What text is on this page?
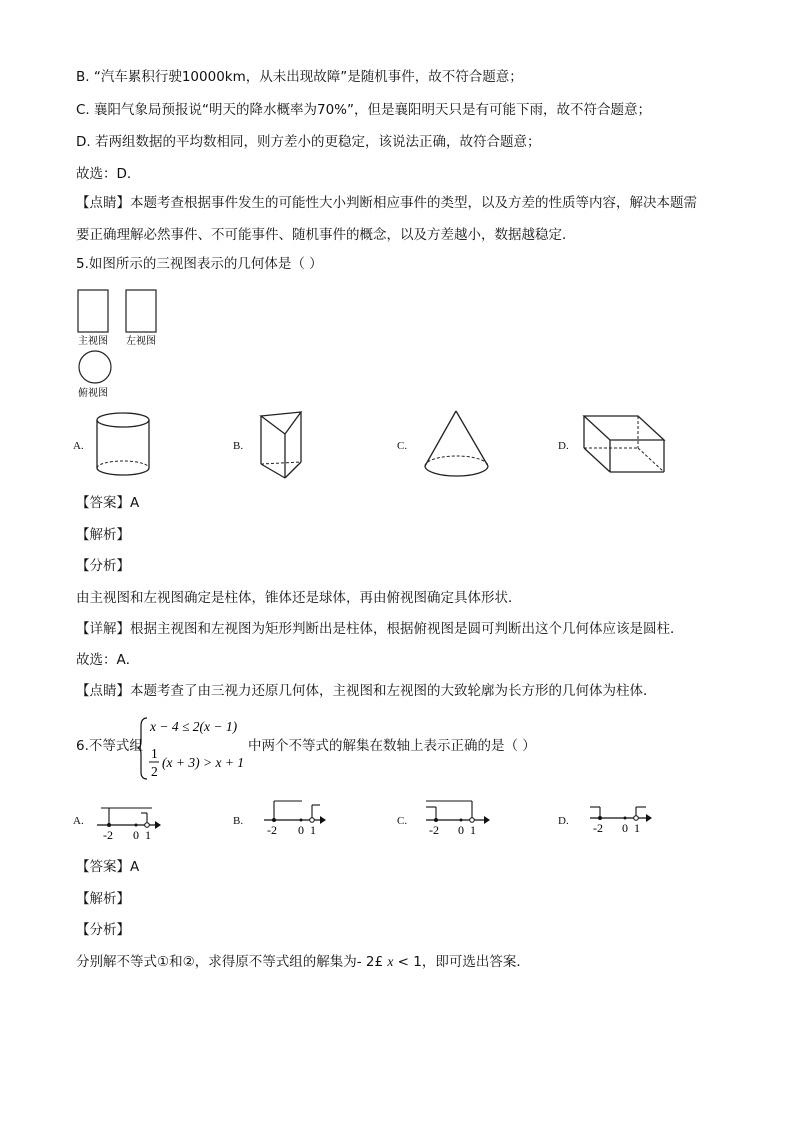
B. “汽车累积行驶10000km，从未出现故障”是随机事件，故不符合题意；
C. 襄阳气象局预报说“明天的降水概率为70%”，但是襄阳明天只是有可能下雨，故不符合题意；
D. 若两组数据的平均数相同，则方差小的更稳定，该说法正确，故符合题意；
故选：D．
【点睛】本题考查根据事件发生的可能性大小判断相应事件的类型，以及方差的性质等内容，解决本题需
要正确理解必然事件、不可能事件、随机事件的概念，以及方差越小，数据越稳定．
5.如图所示的三视图表示的几何体是（ ）
主视图 左视图
俯视图
A.	B.	C.	D.
【答案】A
【解析】
【分析】
由主视图和左视图确定是柱体，锥体还是球体，再由俯视图确定具体形状．
【详解】根据主视图和左视图为矩形判断出是柱体，根据俯视图是圆可判断出这个几何体应该是圆柱．
故选：A．
【点睛】本题考查了由三视力还原几何体，主视图和左视图的大致轮廓为长方形的几何体为柱体．
6.不等式组
x − 4 ≤ 2(x − 1)
1
2
(x + 3) > x + 1
中两个不等式的解集在数轴上表示正确的是（ ）
A.
-2 0 1
B.
-2 0 1
C.
-2 0 1
D. -2 0 1
【答案】A
【解析】
【分析】
分别解不等式①和②，求得原不等式组的解集为- 2£ x < 1，即可选出答案．
